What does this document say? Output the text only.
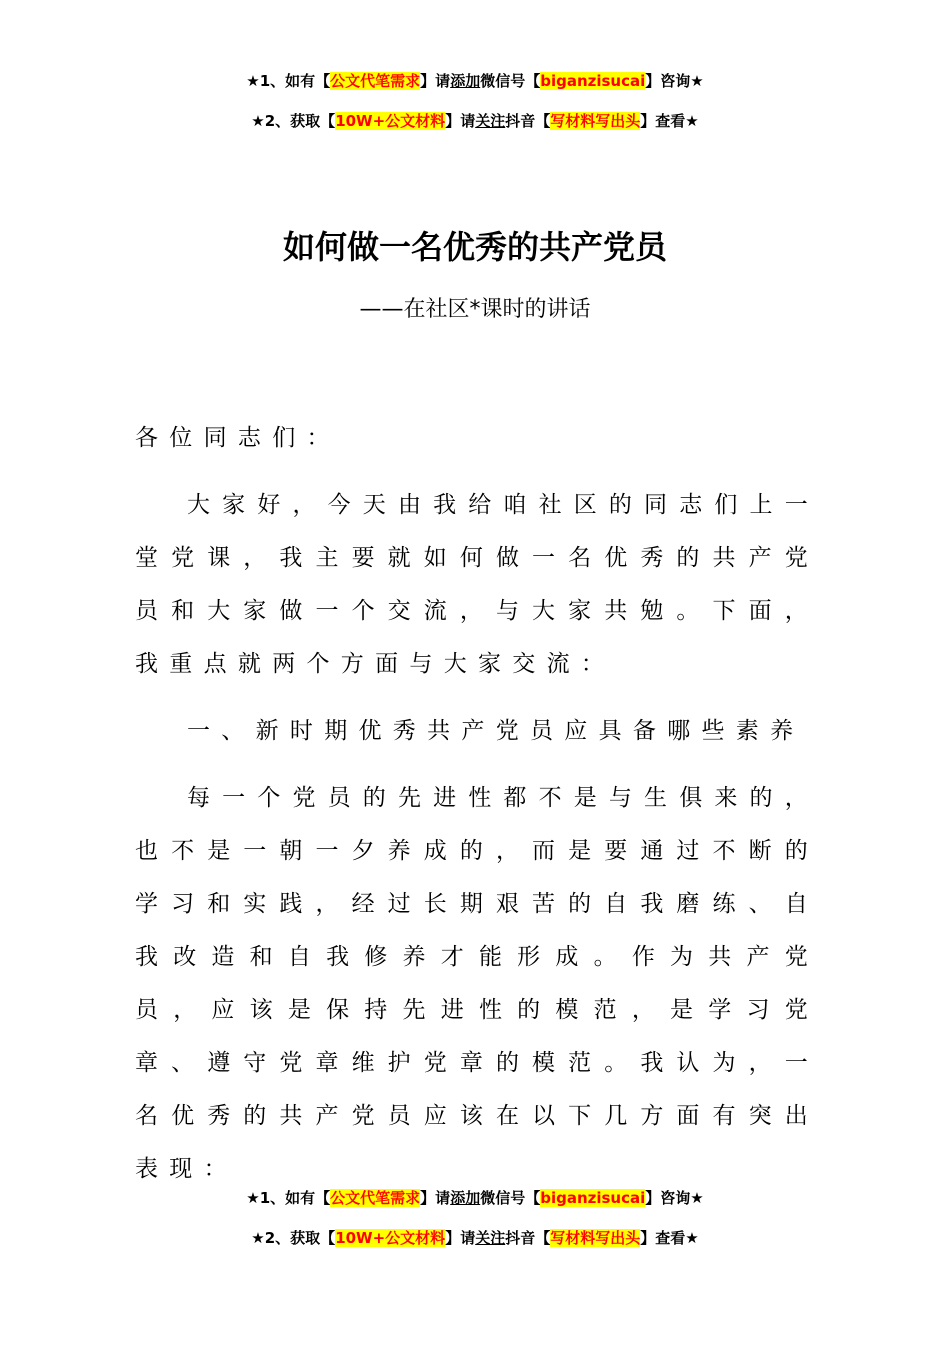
★1、如有【公文代笔需求】请添加微信号【biganzisucai】咨询★
★2、获取【10W+公文材料】请关注抖音【写材料写出头】查看★
如何做一名优秀的共产党员
——在社区*课时的讲话

各位同志们：

大家好，今天由我给咱社区的同志们上一堂党课，我主要就如何做一名优秀的共产党员和大家做一个交流，与大家共勉。下面，我重点就两个方面与大家交流：

一、新时期优秀共产党员应具备哪些素养

每一个党员的先进性都不是与生俱来的，也不是一朝一夕养成的，而是要通过不断的学习和实践，经过长期艰苦的自我磨练、自我改造和自我修养才能形成。作为共产党员，应该是保持先进性的模范，是学习党章、遵守党章维护党章的模范。我认为，一名优秀的共产党员应该在以下几方面有突出表现：

★1、如有【公文代笔需求】请添加微信号【biganzisucai】咨询★
★2、获取【10W+公文材料】请关注抖音【写材料写出头】查看★
